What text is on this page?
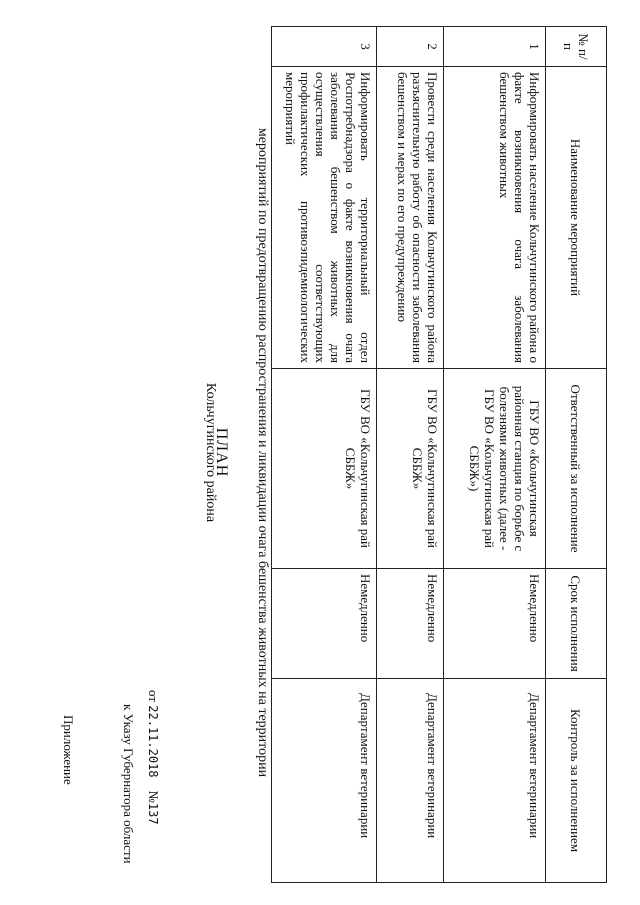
Приложение	к Указу Губернатора области
от 22.11.2018    №137
ПЛАН мероприятий по предотвращению распространения и ликвидации очага бешенства животных на территории
Кольчугинского района
№ п/п	Наименование мероприятий	Ответственный за исполнение	Срок исполнения	Контроль за исполнением
1	Информировать население Кольчугинского района о факте возникновения очага заболевания бешенством животных	ГБУ ВО «Кольчугинская районная станция по борьбе с болезнями животных (далее - ГБУ ВО «Кольчугинская рай СББЖ»)	Немедленно	Департамент ветеринарии
2	Провести среди населения Кольчугинского района разъяснительную работу об опасности заболевания бешенством и мерах по его предупреждению	ГБУ ВО «Кольчугинская рай СББЖ»	Немедленно	Департамент ветеринарии
3	Информировать территориальный отдел Роспотребнадзора о факте возникновения очага заболевания бешенством животных для осуществления соответствующих профилактических противоэпидемиологических мероприятий	ГБУ ВО «Кольчугинская рай СББЖ»	Немедленно	Департамент ветеринарии
